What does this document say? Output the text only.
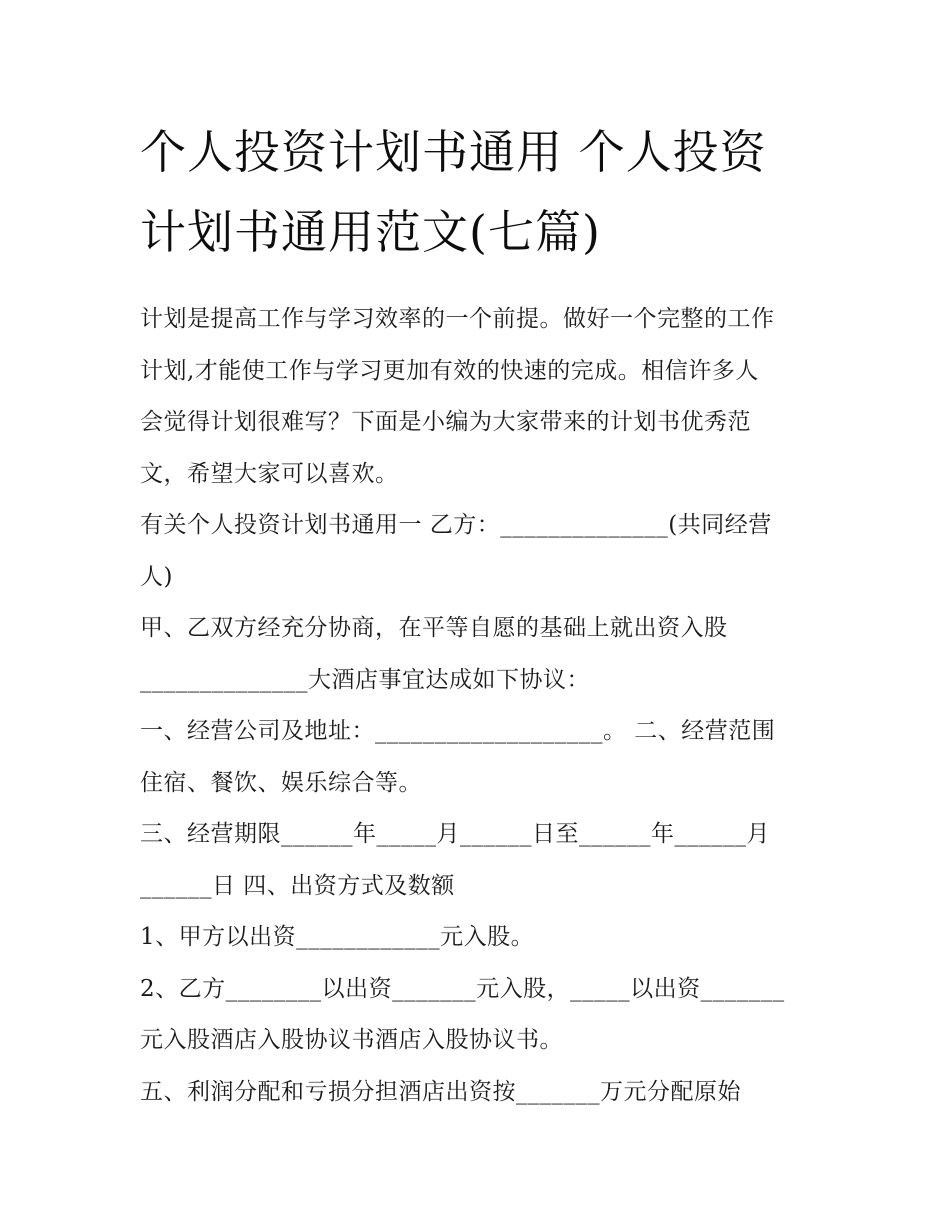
个人投资计划书通用 个人投资
计划书通用范文(七篇)
计划是提高工作与学习效率的一个前提。做好一个完整的工作
计划,才能使工作与学习更加有效的快速的完成。相信许多人
会觉得计划很难写？下面是小编为大家带来的计划书优秀范
文，希望大家可以喜欢。
有关个人投资计划书通用一 乙方：______________(共同经营
人)
甲、乙双方经充分协商，在平等自愿的基础上就出资入股
______________大酒店事宜达成如下协议：
一、经营公司及地址：___________________。 二、经营范围
住宿、餐饮、娱乐综合等。
三、经营期限______年_____月______日至______年______月
______日 四、出资方式及数额
1、甲方以出资____________元入股。
2、乙方________以出资_______元入股，_____以出资_______
元入股酒店入股协议书酒店入股协议书。
五、利润分配和亏损分担酒店出资按_______万元分配原始
